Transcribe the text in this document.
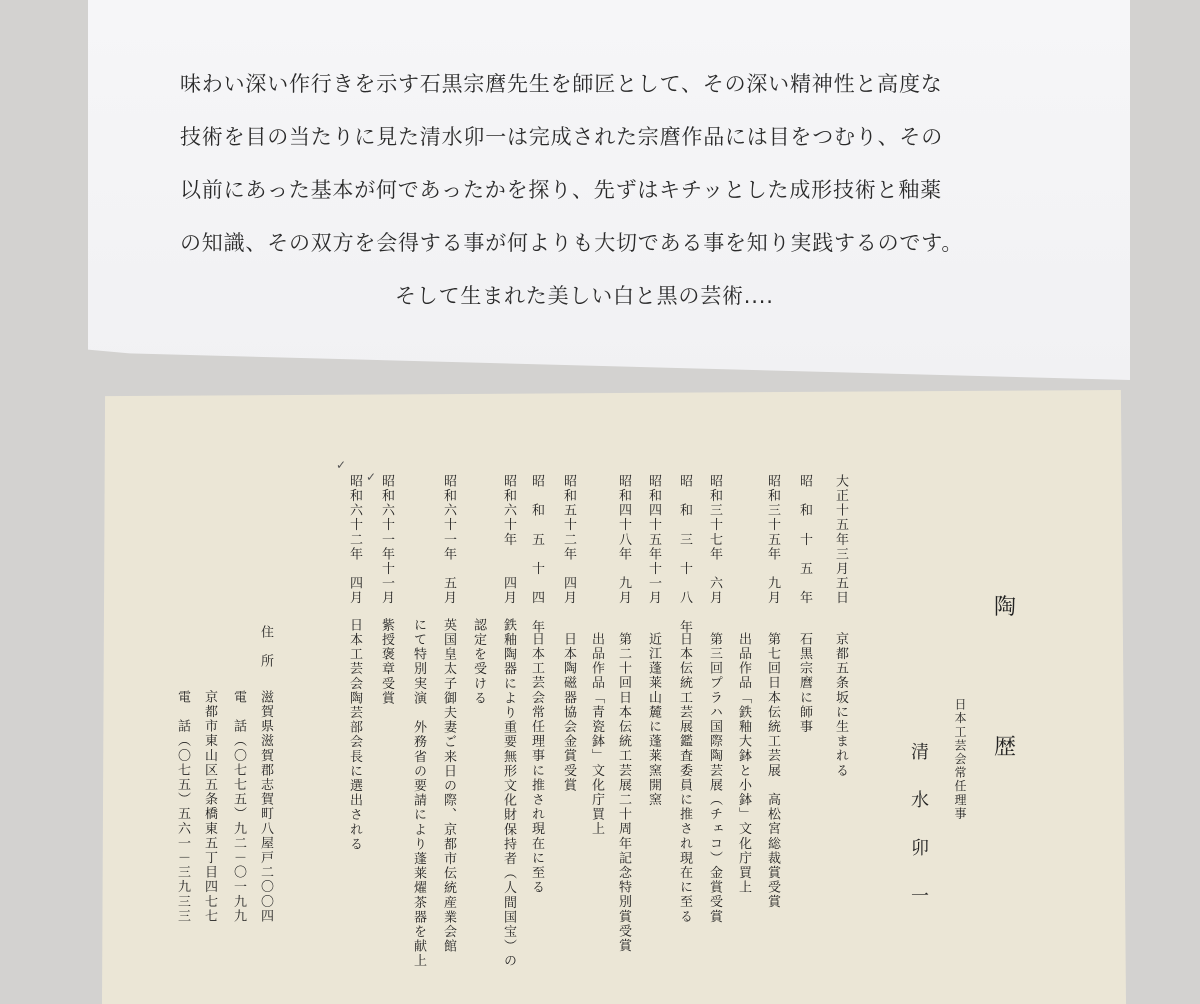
味わい深い作行きを示す石黒宗麿先生を師匠として、その深い精神性と高度な
技術を目の当たりに見た清水卯一は完成された宗麿作品には目をつむり、その
以前にあった基本が何であったかを探り、先ずはキチッとした成形技術と釉薬
の知識、その双方を会得する事が何よりも大切である事を知り実践するのです。
そして生まれた美しい白と黒の芸術....
陶
歴
日本工芸会常任理事
清　水　卯　一
大正十五年三月五日
京都五条坂に生まれる
昭　和　十　五　年
石黒宗麿に師事
昭和三十五年　九月
第七回日本伝統工芸展　高松宮総裁賞受賞
出品作品「鉄釉大鉢と小鉢」文化庁買上
昭和三十七年　六月
第三回プラハ国際陶芸展（チェコ）金賞受賞
昭　和　三　十　八　年
日本伝統工芸展鑑査委員に推され現在に至る
昭和四十五年十一月
近江蓬莱山麓に蓬莱窯開窯
昭和四十八年　九月
第二十回日本伝統工芸展二十周年記念特別賞受賞
出品作品「青瓷鉢」文化庁買上
昭和五十二年　四月
日本陶磁器協会金賞受賞
昭　和　五　十　四　年
日本工芸会常任理事に推され現在に至る
昭和六十年　　四月
鉄釉陶器により重要無形文化財保持者（人間国宝）の
認定を受ける
昭和六十一年　五月
英国皇太子御夫妻ご来日の際、京都市伝統産業会館
にて特別実演　外務省の要請により蓬莱燿茶器を献上
✓ 昭和六十一年十一月
紫授褒章受賞
✓
昭和六十二年　四月
日本工芸会陶芸部会長に選出される
住　所
滋賀県滋賀郡志賀町八屋戸二〇〇四
電　話（〇七七五）九二－〇一九九
京都市東山区五条橋東五丁目四七七
電　話（〇七五）五六一－三九三三
